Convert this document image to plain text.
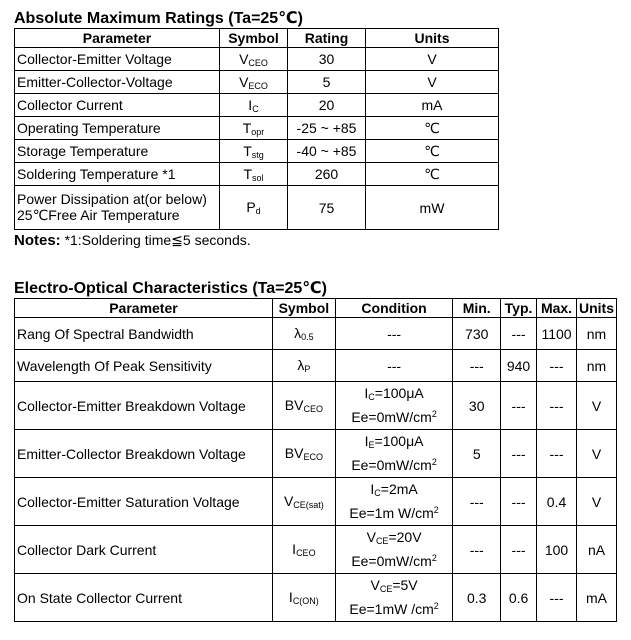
Absolute Maximum Ratings (Ta=25℃)
Parameter	Symbol	Rating	Units
Collector-Emitter Voltage	$V_{CEO}$	30	V
Emitter-Collector-Voltage	$V_{ECO}$	5	V
Collector Current	$I_C$	20	mA
Operating Temperature	$T_{opr}$	-25 ~ +85	℃
Storage Temperature	$T_{stg}$	-40 ~ +85	℃
Soldering Temperature *1	$T_{sol}$	260	℃

Power Dissipation at(or below)
25℃Free Air Temperature	$P_d$	75	mW
Notes: *1:Soldering time≦5 seconds.
Electro-Optical Characteristics (Ta=25℃)
Parameter	Symbol	Condition	Min.	Typ.	Max.	Units
Rang Of Spectral Bandwidth	$\lambda_{0.5}$	---	730	---	1100	nm
Wavelength Of Peak Sensitivity	$\lambda_P$	---	---	940	---	nm
Collector-Emitter Breakdown Voltage	$BV_{CEO}$	$I_C=100\mu A$
$Ee=0mW/cm^2$	30	---	---	V
Emitter-Collector Breakdown Voltage	$BV_{ECO}$	$I_E=100\mu A$
$Ee=0mW/cm^2$	5	---	---	V
Collector-Emitter Saturation Voltage	$V_{CE(sat)}$	$I_C=2mA$
Ee=1m $W/cm^2$	---	---	0.4	V
Collector Dark Current	$I_{CEO}$	$V_{CE}=20V$
$Ee=0mW/cm^2$	---	---	100	nA
On State Collector Current	$I_{C(ON)}$	$V_{CE}=5V$
Ee=1mW $/cm^2$	0.3	0.6	---	mA
